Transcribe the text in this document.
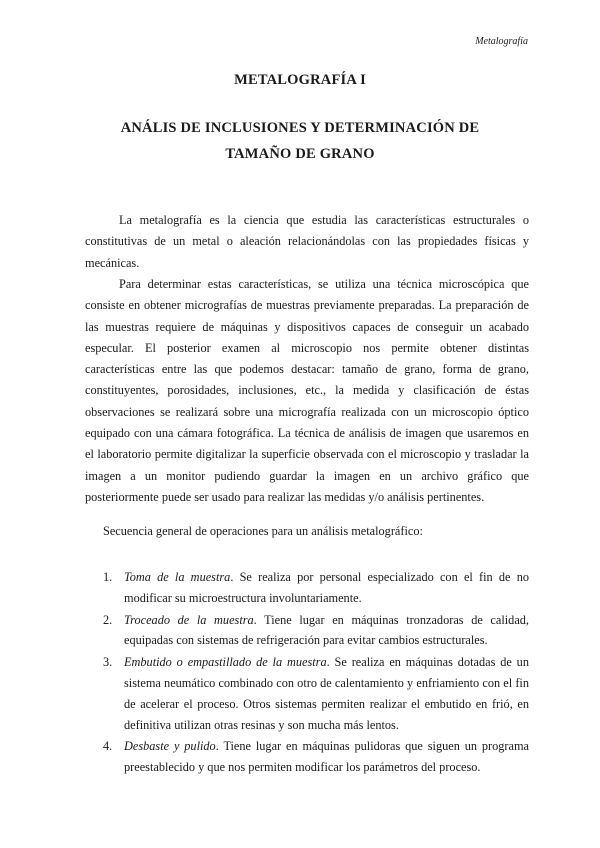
Metalografía
METALOGRAFÍA I
ANÁLIS DE INCLUSIONES Y DETERMINACIÓN DE
TAMAÑO DE GRANO

La metalografía es la ciencia que estudia las características estructurales o constitutivas de un metal o aleación relacionándolas con las propiedades físicas y mecánicas.

Para determinar estas características, se utiliza una técnica microscópica que consiste en obtener micrografías de muestras previamente preparadas. La preparación de las muestras requiere de máquinas y dispositivos capaces de conseguir un acabado especular. El posterior examen al microscopio nos permite obtener distintas características entre las que podemos destacar: tamaño de grano, forma de grano, constituyentes, porosidades, inclusiones, etc., la medida y clasificación de éstas observaciones se realizará sobre una micrografía realizada con un microscopio óptico equipado con una cámara fotográfica. La técnica de análisis de imagen que usaremos en el laboratorio permite digitalizar la superficie observada con el microscopio y trasladar la imagen a un monitor pudiendo guardar la imagen en un archivo gráfico que posteriormente puede ser usado para realizar las medidas y/o análisis pertinentes.

Secuencia general de operaciones para un análisis metalográfico:
1. Toma de la muestra. Se realiza por personal especializado con el fin de no modificar su microestructura involuntariamente.
2. Troceado de la muestra. Tiene lugar en máquinas tronzadoras de calidad, equipadas con sistemas de refrigeración para evitar cambios estructurales.
3. Embutido o empastillado de la muestra. Se realiza en máquinas dotadas de un sistema neumático combinado con otro de calentamiento y enfriamiento con el fin de acelerar el proceso. Otros sistemas permiten realizar el embutido en frió, en definitiva utilizan otras resinas y son mucha más lentos.
4. Desbaste y pulido. Tiene lugar en máquinas pulidoras que siguen un programa preestablecido y que nos permiten modificar los parámetros del proceso.
